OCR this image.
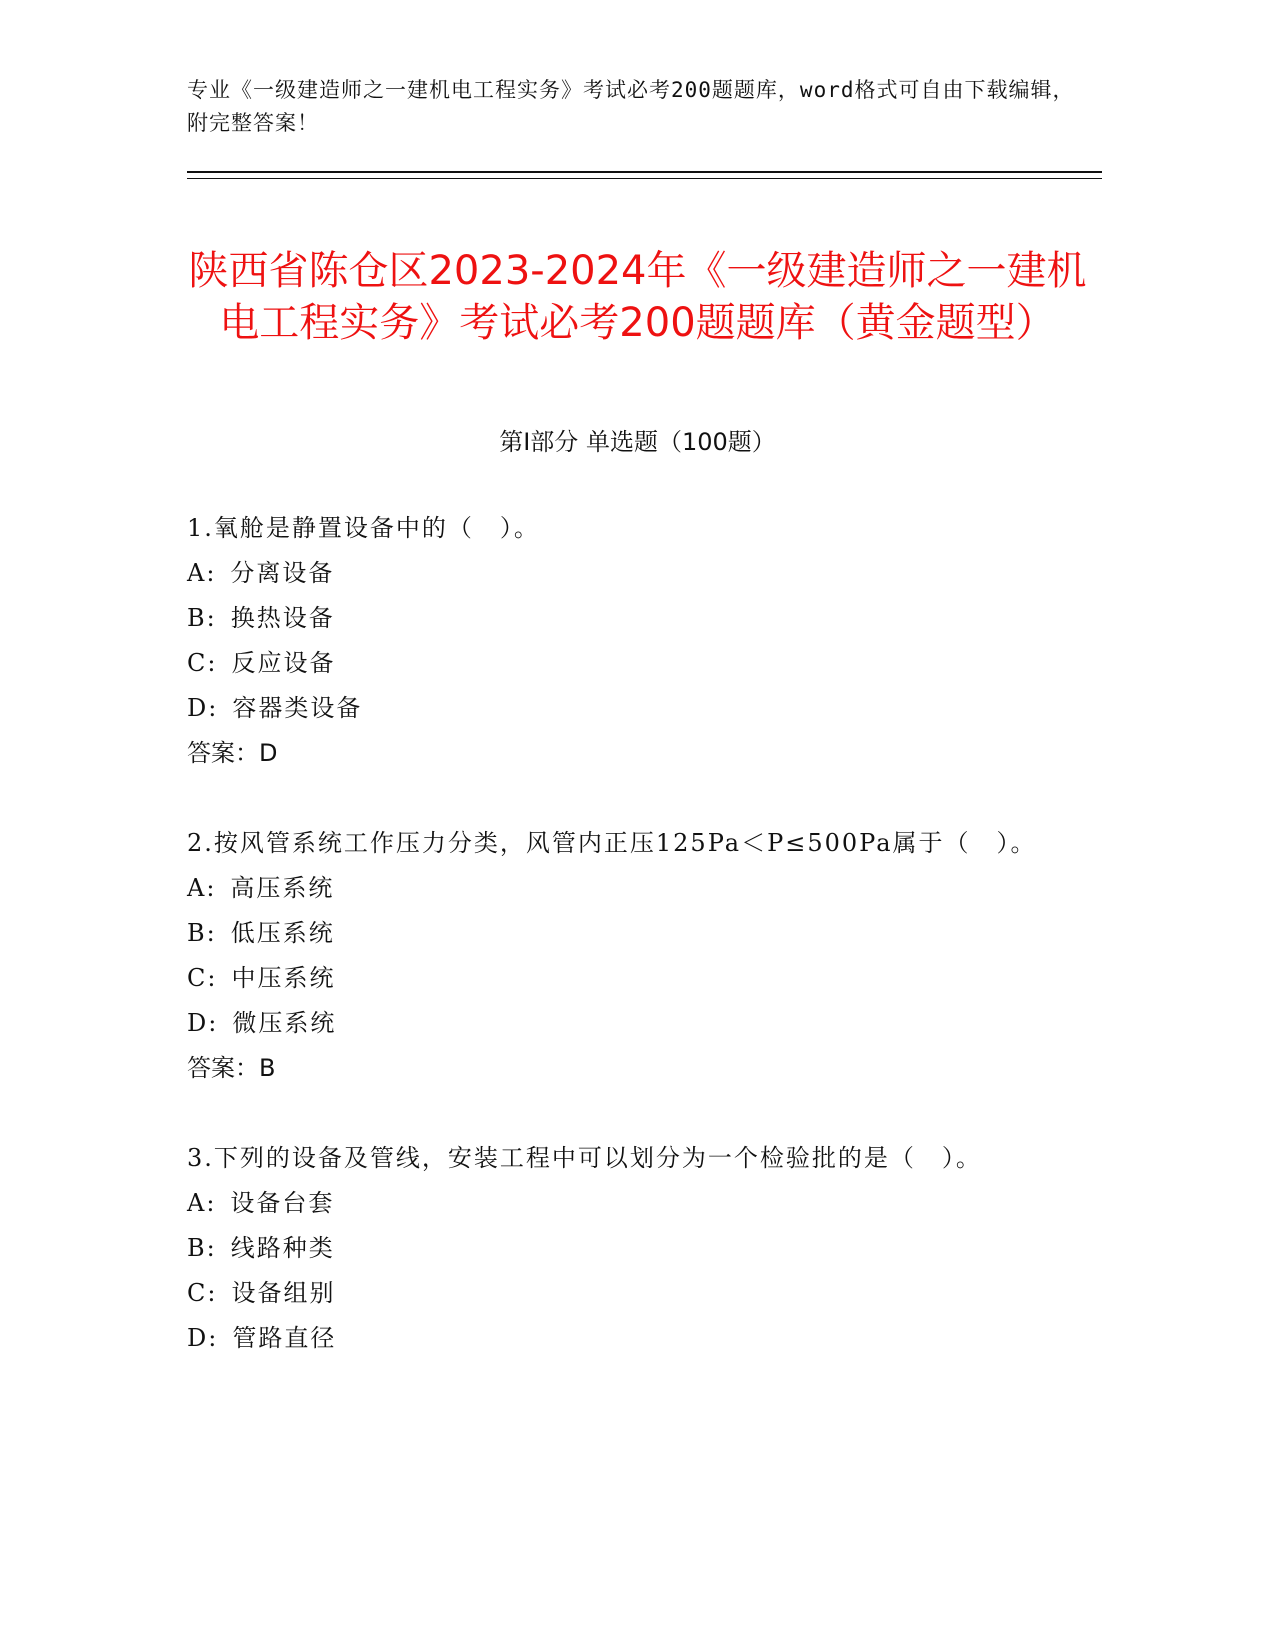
专业《一级建造师之一建机电工程实务》考试必考200题题库，word格式可自由下载编辑，附完整答案！
陕西省陈仓区2023-2024年《一级建造师之一建机电工程实务》考试必考200题题库（黄金题型）
第I部分 单选题（100题）
1.氧舱是静置设备中的（　）。
A: 分离设备
B: 换热设备
C: 反应设备
D: 容器类设备
答案：D
2.按风管系统工作压力分类，风管内正压125Pa＜P≤500Pa属于（　）。
A: 高压系统
B: 低压系统
C: 中压系统
D: 微压系统
答案：B
3.下列的设备及管线，安装工程中可以划分为一个检验批的是（　）。
A: 设备台套
B: 线路种类
C: 设备组别
D: 管路直径
